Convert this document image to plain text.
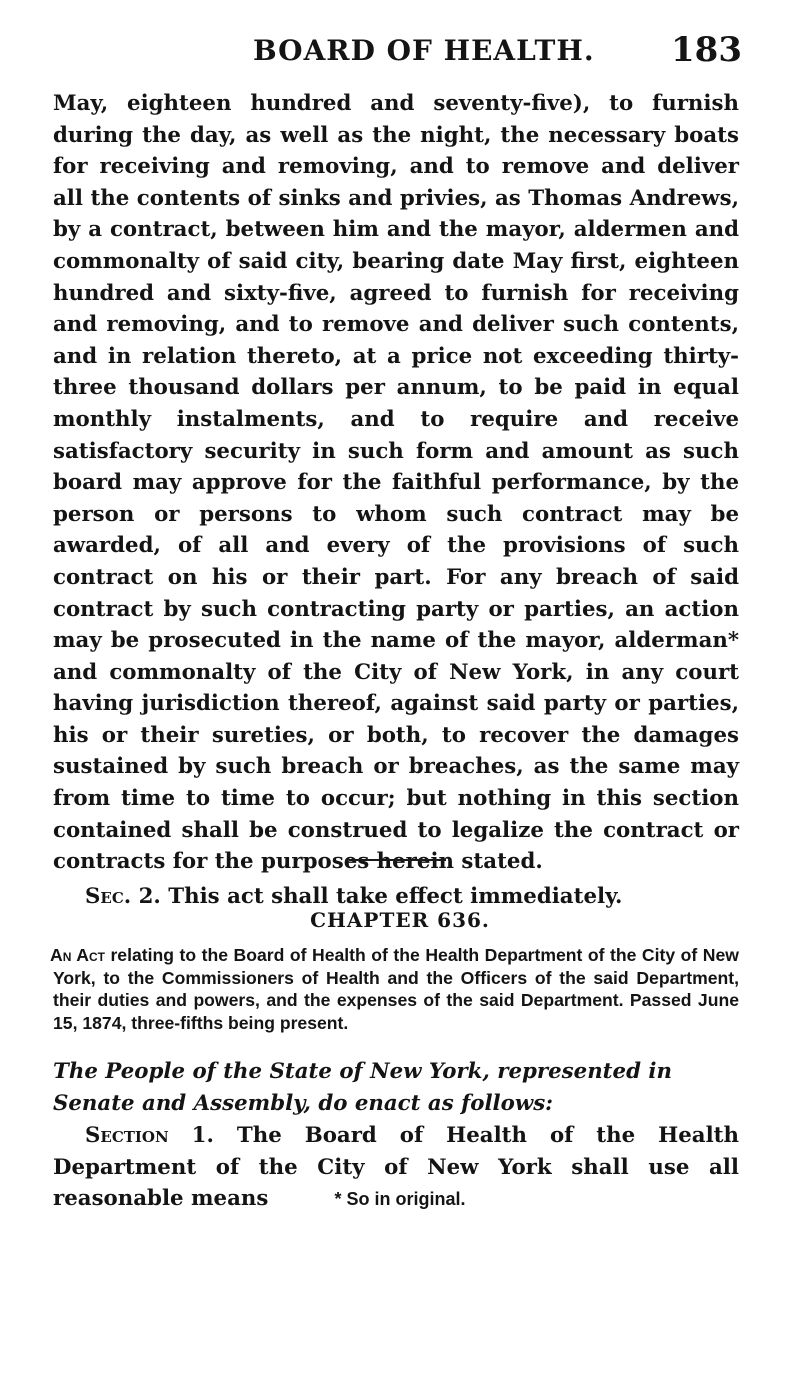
BOARD OF HEALTH. 183

May, eighteen hundred and seventy-five), to furnish during the day, as well as the night, the necessary boats for receiving and removing, and to remove and deliver all the contents of sinks and privies, as Thomas Andrews, by a contract, between him and the mayor, aldermen and commonalty of said city, bearing date May first, eighteen hundred and sixty-five, agreed to furnish for receiving and removing, and to remove and deliver such contents, and in relation thereto, at a price not exceeding thirty-three thousand dollars per annum, to be paid in equal monthly instalments, and to require and receive satisfactory security in such form and amount as such board may approve for the faithful performance, by the person or persons to whom such contract may be awarded, of all and every of the provisions of such contract on his or their part. For any breach of said contract by such contracting party or parties, an action may be prosecuted in the name of the mayor, alderman* and commonalty of the City of New York, in any court having jurisdiction thereof, against said party or parties, his or their sureties, or both, to recover the damages sustained by such breach or breaches, as the same may from time to time to occur; but nothing in this section contained shall be construed to legalize the contract or contracts for the purposes herein stated.

Sec. 2. This act shall take effect immediately.

CHAPTER 636.

An Act relating to the Board of Health of the Health Department of the City of New York, to the Commissioners of Health and the Officers of the said Department, their duties and powers, and the expenses of the said Department. Passed June 15, 1874, three-fifths being present.

The People of the State of New York, represented in Senate and Assembly, do enact as follows:

Section 1. The Board of Health of the Health Department of the City of New York shall use all reasonable means	* So in original.
